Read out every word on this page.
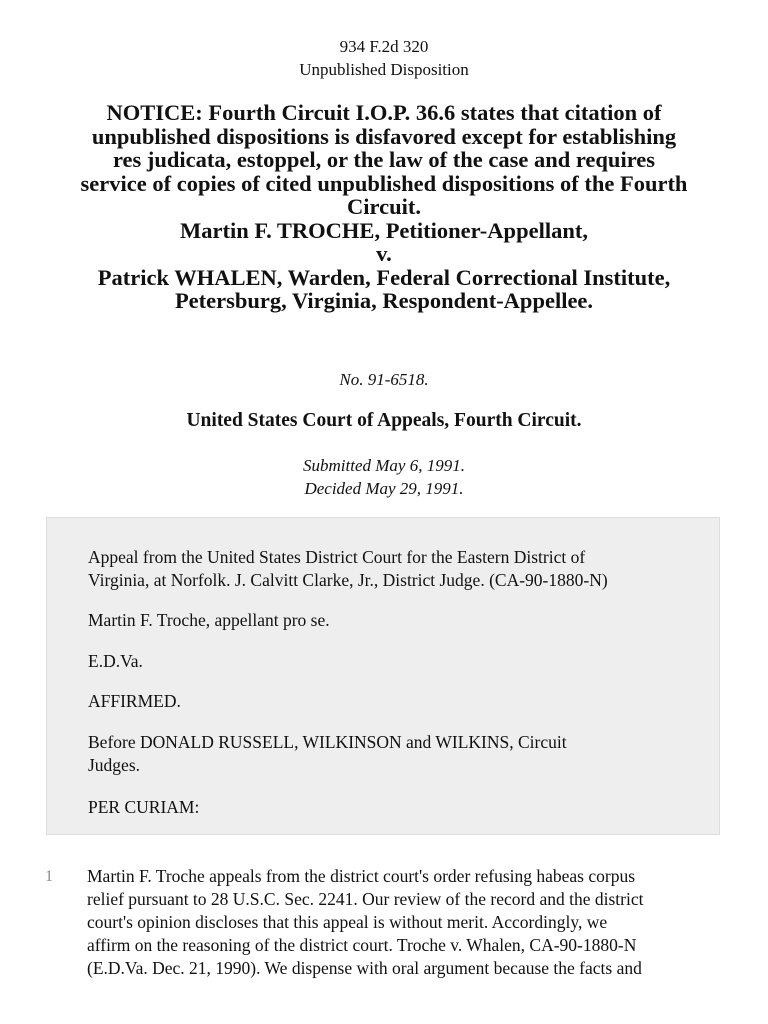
934 F.2d 320
Unpublished Disposition
NOTICE: Fourth Circuit I.O.P. 36.6 states that citation of
unpublished dispositions is disfavored except for establishing
res judicata, estoppel, or the law of the case and requires
service of copies of cited unpublished dispositions of the Fourth
Circuit.
Martin F. TROCHE, Petitioner-Appellant,
v.
Patrick WHALEN, Warden, Federal Correctional Institute,
Petersburg, Virginia, Respondent-Appellee.
No. 91-6518.
United States Court of Appeals, Fourth Circuit.
Submitted May 6, 1991.
Decided May 29, 1991.

Appeal from the United States District Court for the Eastern District of
Virginia, at Norfolk. J. Calvitt Clarke, Jr., District Judge. (CA-90-1880-N)

Martin F. Troche, appellant pro se.

E.D.Va.

AFFIRMED.

Before DONALD RUSSELL, WILKINSON and WILKINS, Circuit
Judges.

PER CURIAM:

1 Martin F. Troche appeals from the district court's order refusing habeas corpus
relief pursuant to 28 U.S.C. Sec. 2241. Our review of the record and the district
court's opinion discloses that this appeal is without merit. Accordingly, we
affirm on the reasoning of the district court. Troche v. Whalen, CA-90-1880-N
(E.D.Va. Dec. 21, 1990). We dispense with oral argument because the facts and
